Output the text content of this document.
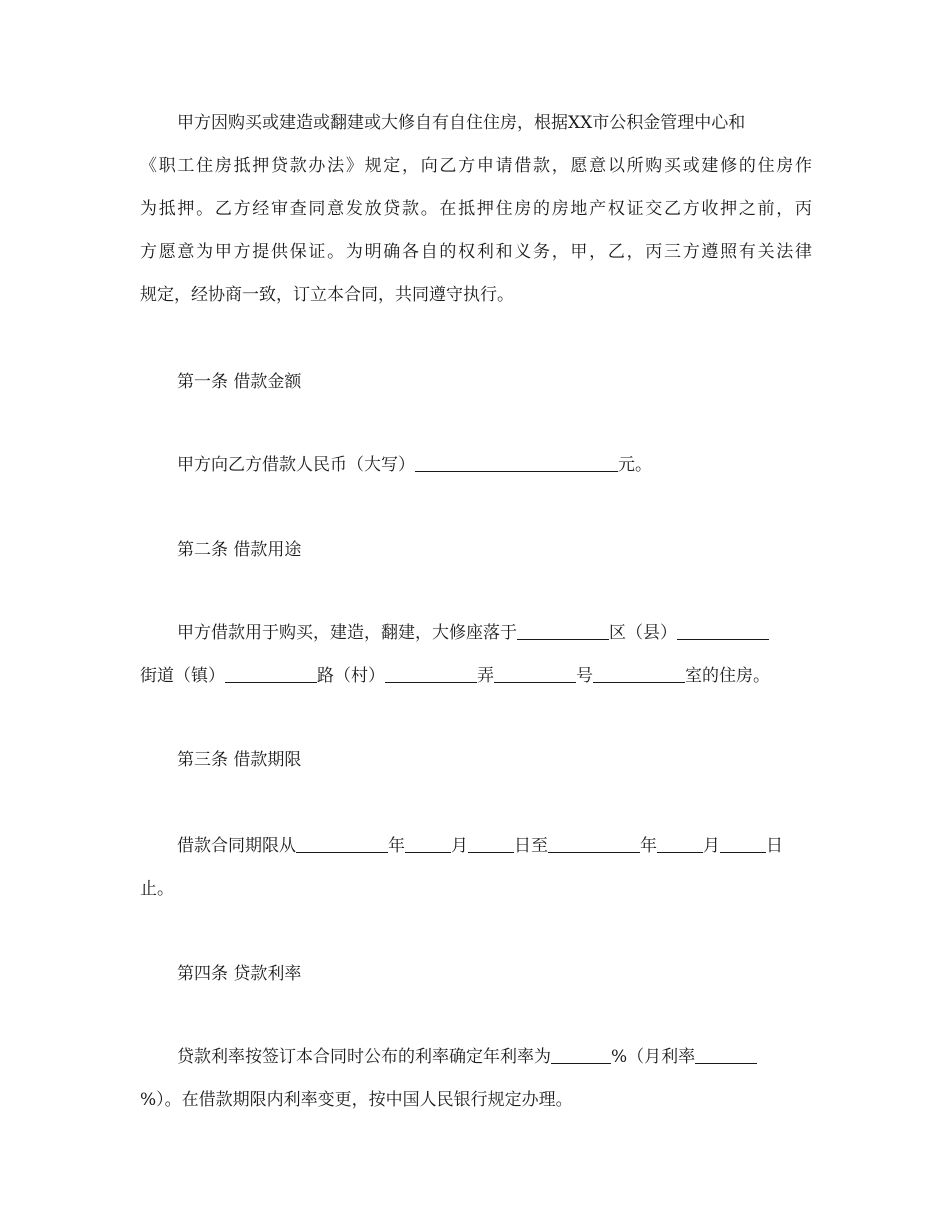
甲方因购买或建造或翻建或大修自有自住住房，根据XX市公积金管理中心和
《职工住房抵押贷款办法》规定，向乙方申请借款，愿意以所购买或建修的住房作
为抵押。乙方经审查同意发放贷款。在抵押住房的房地产权证交乙方收押之前，丙
方愿意为甲方提供保证。为明确各自的权利和义务，甲，乙，丙三方遵照有关法律
规定，经协商一致，订立本合同，共同遵守执行。

第一条 借款金额

甲方向乙方借款人民币（大写）	元。

第二条 借款用途

甲方借款用于购买，建造，翻建，大修座落于	区（县）
街道（镇）	路（村）	弄	号	室的住房。

第三条 借款期限

借款合同期限从	年	月	日至	年	月	日
止。

第四条 贷款利率

贷款利率按签订本合同时公布的利率确定年利率为	%（月利率
%）。在借款期限内利率变更，按中国人民银行规定办理。
